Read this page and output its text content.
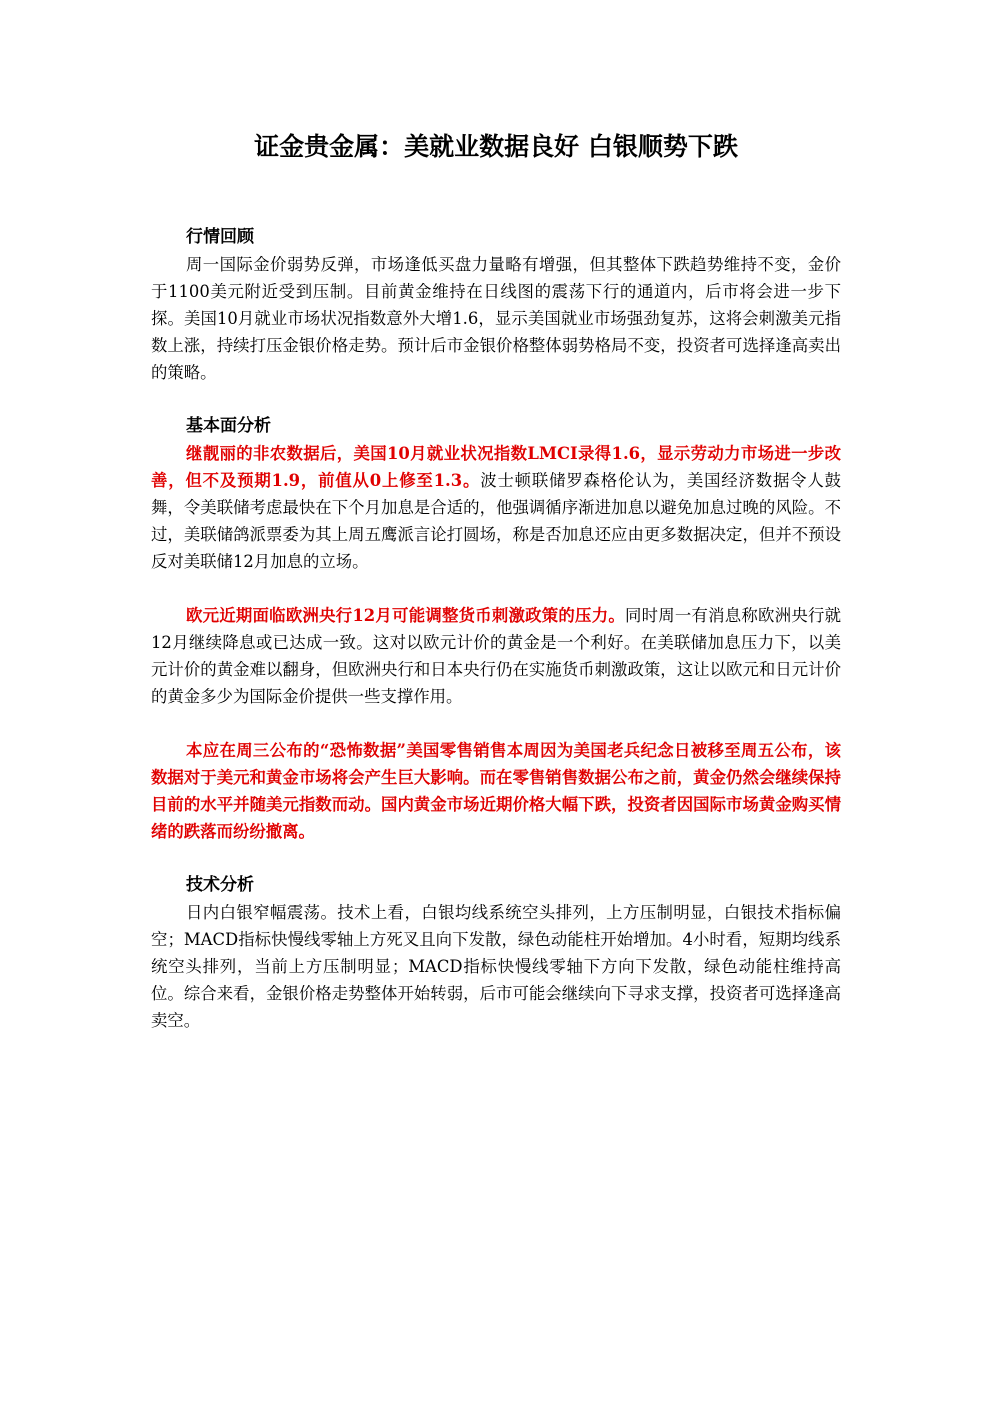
证金贵金属：美就业数据良好 白银顺势下跌
行情回顾

周一国际金价弱势反弹，市场逢低买盘力量略有增强，但其整体下跌趋势维持不变，金价于1100美元附近受到压制。目前黄金维持在日线图的震荡下行的通道内，后市将会进一步下探。美国10月就业市场状况指数意外大增1.6，显示美国就业市场强劲复苏，这将会刺激美元指数上涨，持续打压金银价格走势。预计后市金银价格整体弱势格局不变，投资者可选择逢高卖出的策略。

基本面分析

继靓丽的非农数据后，美国10月就业状况指数LMCI录得1.6，显示劳动力市场进一步改善，但不及预期1.9，前值从0上修至1.3。波士顿联储罗森格伦认为，美国经济数据令人鼓舞，令美联储考虑最快在下个月加息是合适的，他强调循序渐进加息以避免加息过晚的风险。不过，美联储鸽派票委为其上周五鹰派言论打圆场，称是否加息还应由更多数据决定，但并不预设反对美联储12月加息的立场。

欧元近期面临欧洲央行12月可能调整货币刺激政策的压力。同时周一有消息称欧洲央行就12月继续降息或已达成一致。这对以欧元计价的黄金是一个利好。在美联储加息压力下，以美元计价的黄金难以翻身，但欧洲央行和日本央行仍在实施货币刺激政策，这让以欧元和日元计价的黄金多少为国际金价提供一些支撑作用。

本应在周三公布的“恐怖数据”美国零售销售本周因为美国老兵纪念日被移至周五公布，该数据对于美元和黄金市场将会产生巨大影响。而在零售销售数据公布之前，黄金仍然会继续保持目前的水平并随美元指数而动。国内黄金市场近期价格大幅下跌，投资者因国际市场黄金购买情绪的跌落而纷纷撤离。

技术分析

日内白银窄幅震荡。技术上看，白银均线系统空头排列，上方压制明显，白银技术指标偏空；MACD指标快慢线零轴上方死叉且向下发散，绿色动能柱开始增加。4小时看，短期均线系统空头排列，当前上方压制明显；MACD指标快慢线零轴下方向下发散，绿色动能柱维持高位。综合来看，金银价格走势整体开始转弱，后市可能会继续向下寻求支撑，投资者可选择逢高卖空。
